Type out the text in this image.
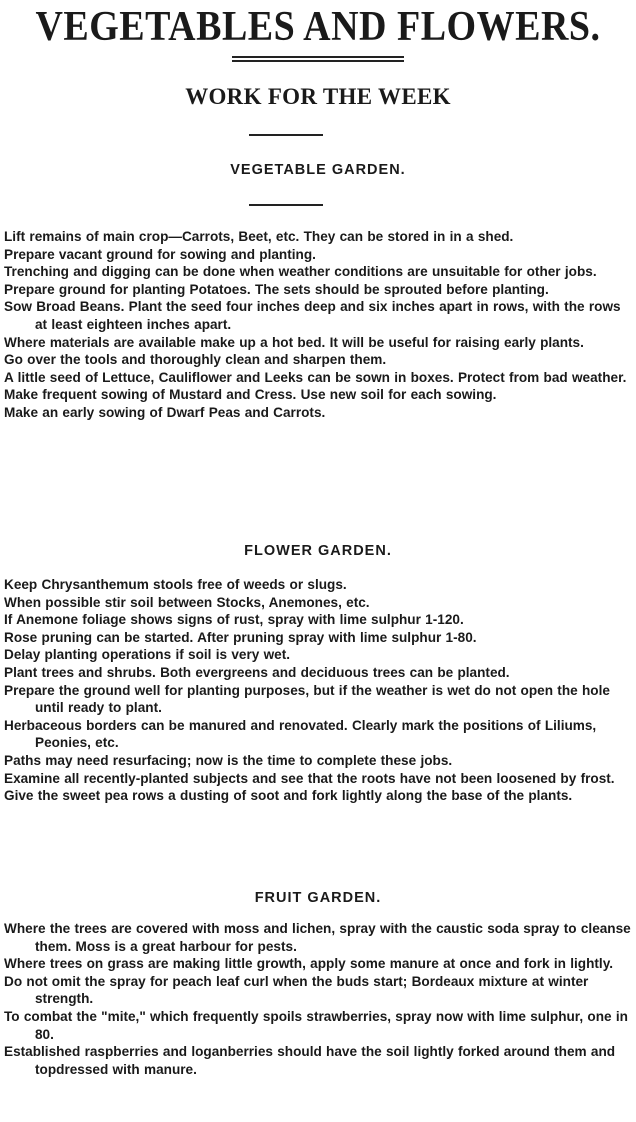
VEGETABLES AND FLOWERS.
WORK FOR THE WEEK
VEGETABLE GARDEN.
Lift remains of main crop—Carrots, Beet, etc. They can be stored in in a shed.
Prepare vacant ground for sowing and planting.
Trenching and digging can be done when weather conditions are unsuitable for other jobs.
Prepare ground for planting Potatoes. The sets should be sprouted before planting.
Sow Broad Beans. Plant the seed four inches deep and six inches apart in rows, with the rows at least eighteen inches apart.
Where materials are available make up a hot bed. It will be useful for raising early plants.
Go over the tools and thoroughly clean and sharpen them.
A little seed of Lettuce, Cauliflower and Leeks can be sown in boxes. Protect from bad weather.
Make frequent sowing of Mustard and Cress. Use new soil for each sowing.
Make an early sowing of Dwarf Peas and Carrots.
FLOWER GARDEN.
Keep Chrysanthemum stools free of weeds or slugs.
When possible stir soil between Stocks, Anemones, etc.
If Anemone foliage shows signs of rust, spray with lime sulphur 1-120.
Rose pruning can be started. After pruning spray with lime sulphur 1-80.
Delay planting operations if soil is very wet.
Plant trees and shrubs. Both evergreens and deciduous trees can be planted.
Prepare the ground well for planting purposes, but if the weather is wet do not open the hole until ready to plant.
Herbaceous borders can be manured and renovated. Clearly mark the positions of Liliums, Peonies, etc.
Paths may need resurfacing; now is the time to complete these jobs.
Examine all recently-planted subjects and see that the roots have not been loosened by frost.
Give the sweet pea rows a dusting of soot and fork lightly along the base of the plants.
FRUIT GARDEN.
Where the trees are covered with moss and lichen, spray with the caustic soda spray to cleanse them. Moss is a great harbour for pests.
Where trees on grass are making little growth, apply some manure at once and fork in lightly.
Do not omit the spray for peach leaf curl when the buds start; Bordeaux mixture at winter strength.
To combat the "mite," which frequently spoils strawberries, spray now with lime sulphur, one in 80.
Established raspberries and loganberries should have the soil lightly forked around them and topdressed with manure.
